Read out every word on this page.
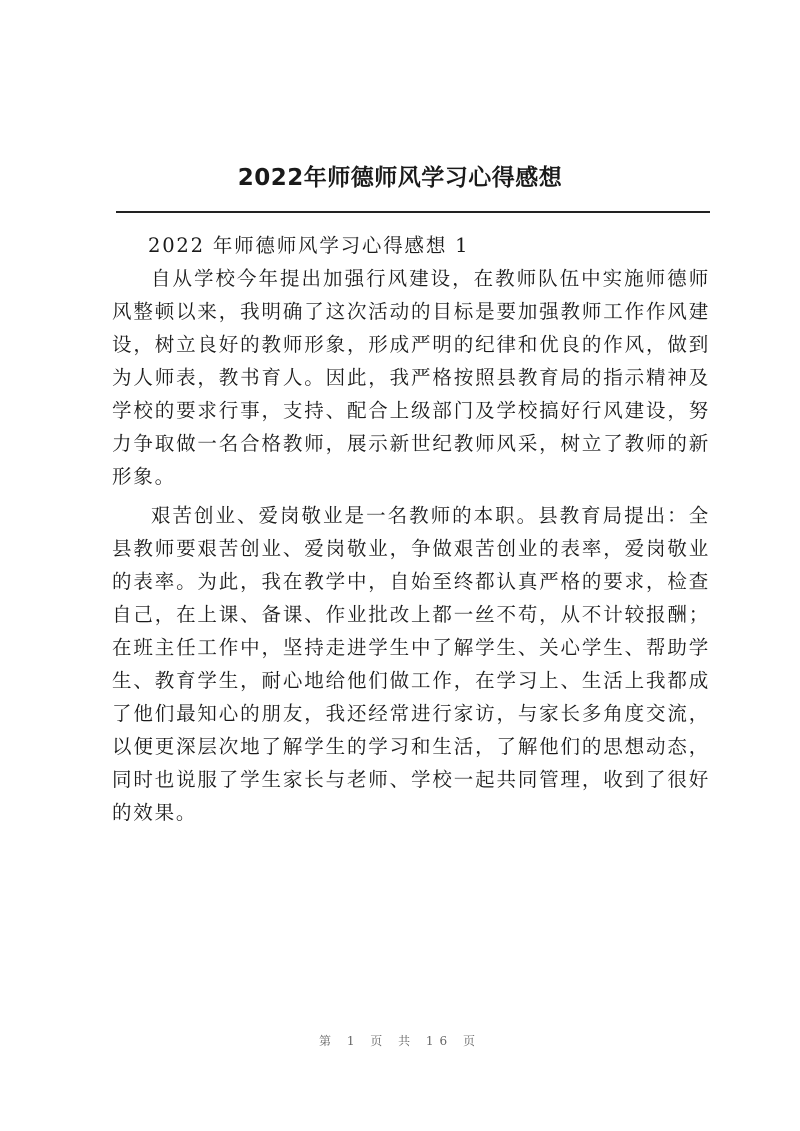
2022年师德师风学习心得感想

2022 年师德师风学习心得感想 1

自从学校今年提出加强行风建设，在教师队伍中实施师德师风整顿以来，我明确了这次活动的目标是要加强教师工作作风建设，树立良好的教师形象，形成严明的纪律和优良的作风，做到为人师表，教书育人。因此，我严格按照县教育局的指示精神及学校的要求行事，支持、配合上级部门及学校搞好行风建设，努力争取做一名合格教师，展示新世纪教师风采，树立了教师的新形象。

艰苦创业、爱岗敬业是一名教师的本职。县教育局提出：全县教师要艰苦创业、爱岗敬业，争做艰苦创业的表率，爱岗敬业的表率。为此，我在教学中，自始至终都认真严格的要求，检查自己，在上课、备课、作业批改上都一丝不苟，从不计较报酬；在班主任工作中，坚持走进学生中了解学生、关心学生、帮助学生、教育学生，耐心地给他们做工作，在学习上、生活上我都成了他们最知心的朋友，我还经常进行家访，与家长多角度交流，以便更深层次地了解学生的学习和生活，了解他们的思想动态，同时也说服了学生家长与老师、学校一起共同管理，收到了很好的效果。

第 1 页 共 16 页
